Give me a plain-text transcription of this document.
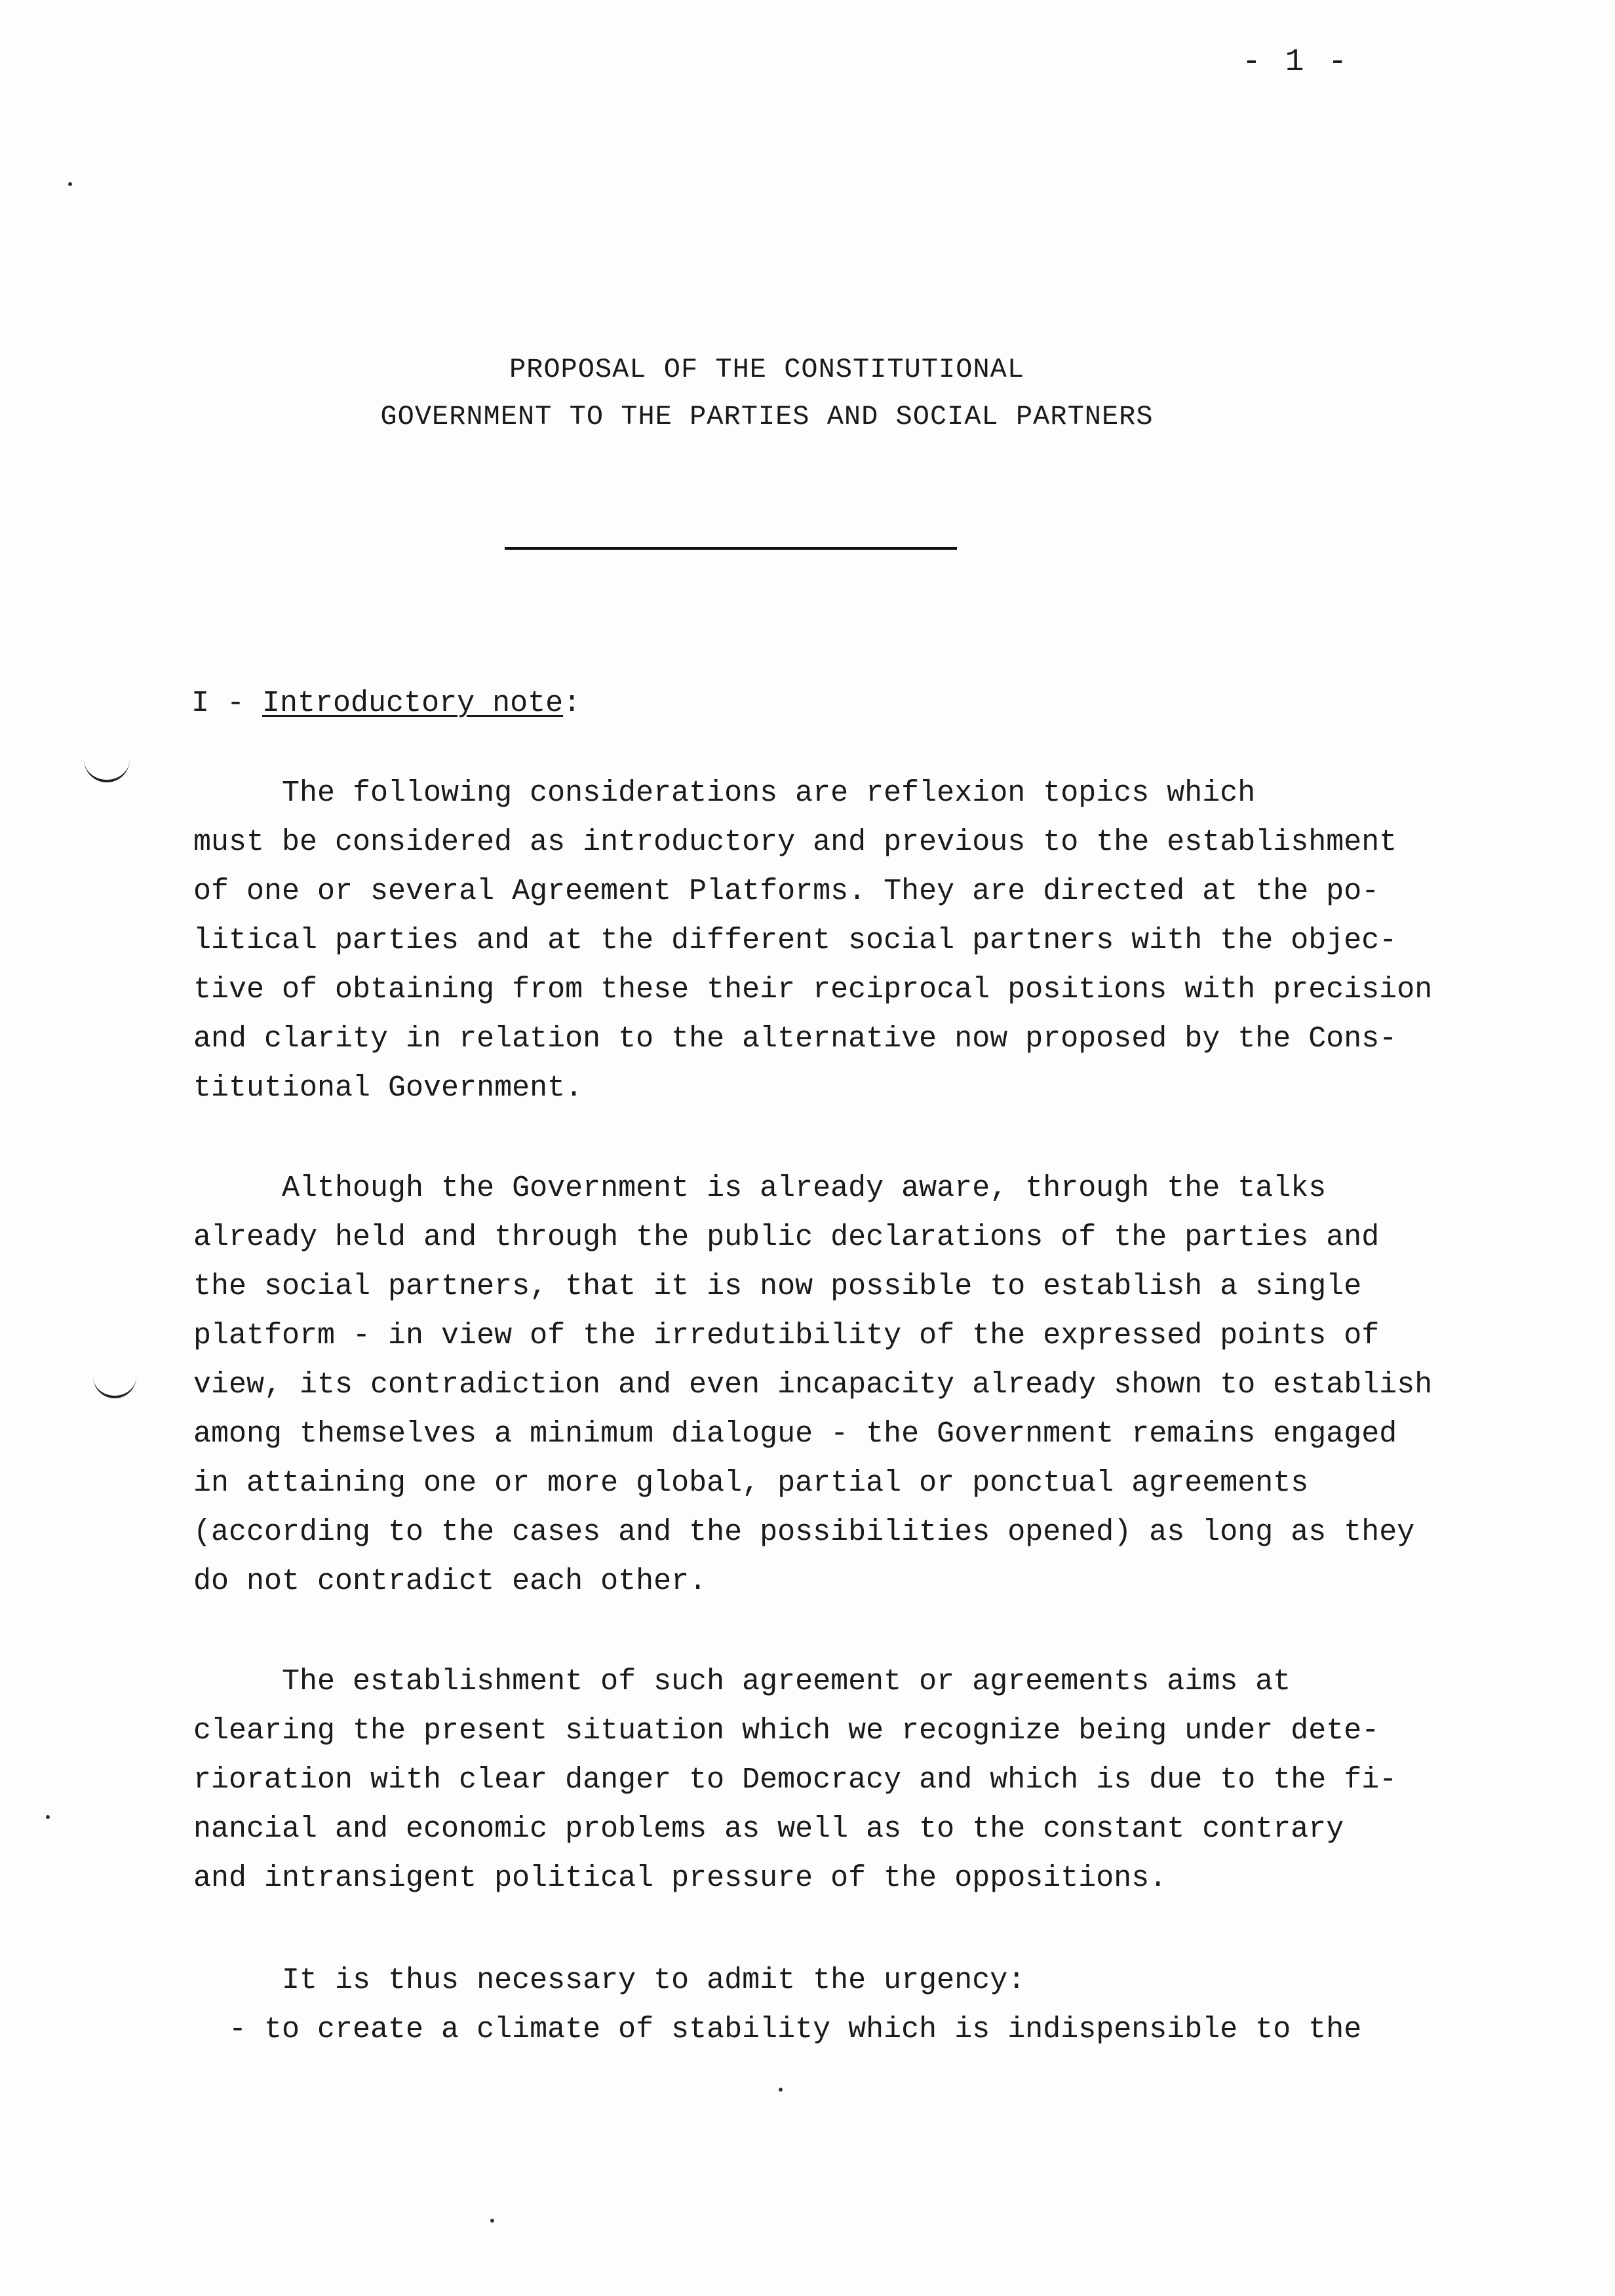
- 1 -
PROPOSAL OF THE CONSTITUTIONAL
GOVERNMENT TO THE PARTIES AND SOCIAL PARTNERS
I - Introductory note:
The following considerations are reflexion topics which
must be considered as introductory and previous to the establishment
of one or several Agreement Platforms. They are directed at the po-
litical parties and at the different social partners with the objec-
tive of obtaining from these their reciprocal positions with precision
and clarity in relation to the alternative now proposed by the Cons-
titutional Government.
Although the Government is already aware, through the talks
already held and through the public declarations of the parties and
the social partners, that it is now possible to establish a single
platform - in view of the irredutibility of the expressed points of
view, its contradiction and even incapacity already shown to establish
among themselves a minimum dialogue - the Government remains engaged
in attaining one or more global, partial or ponctual agreements
(according to the cases and the possibilities opened) as long as they
do not contradict each other.
The establishment of such agreement or agreements aims at
clearing the present situation which we recognize being under dete-
rioration with clear danger to Democracy and which is due to the fi-
nancial and economic problems as well as to the constant contrary
and intransigent political pressure of the oppositions.
It is thus necessary to admit the urgency:
- to create a climate of stability which is indispensible to the
